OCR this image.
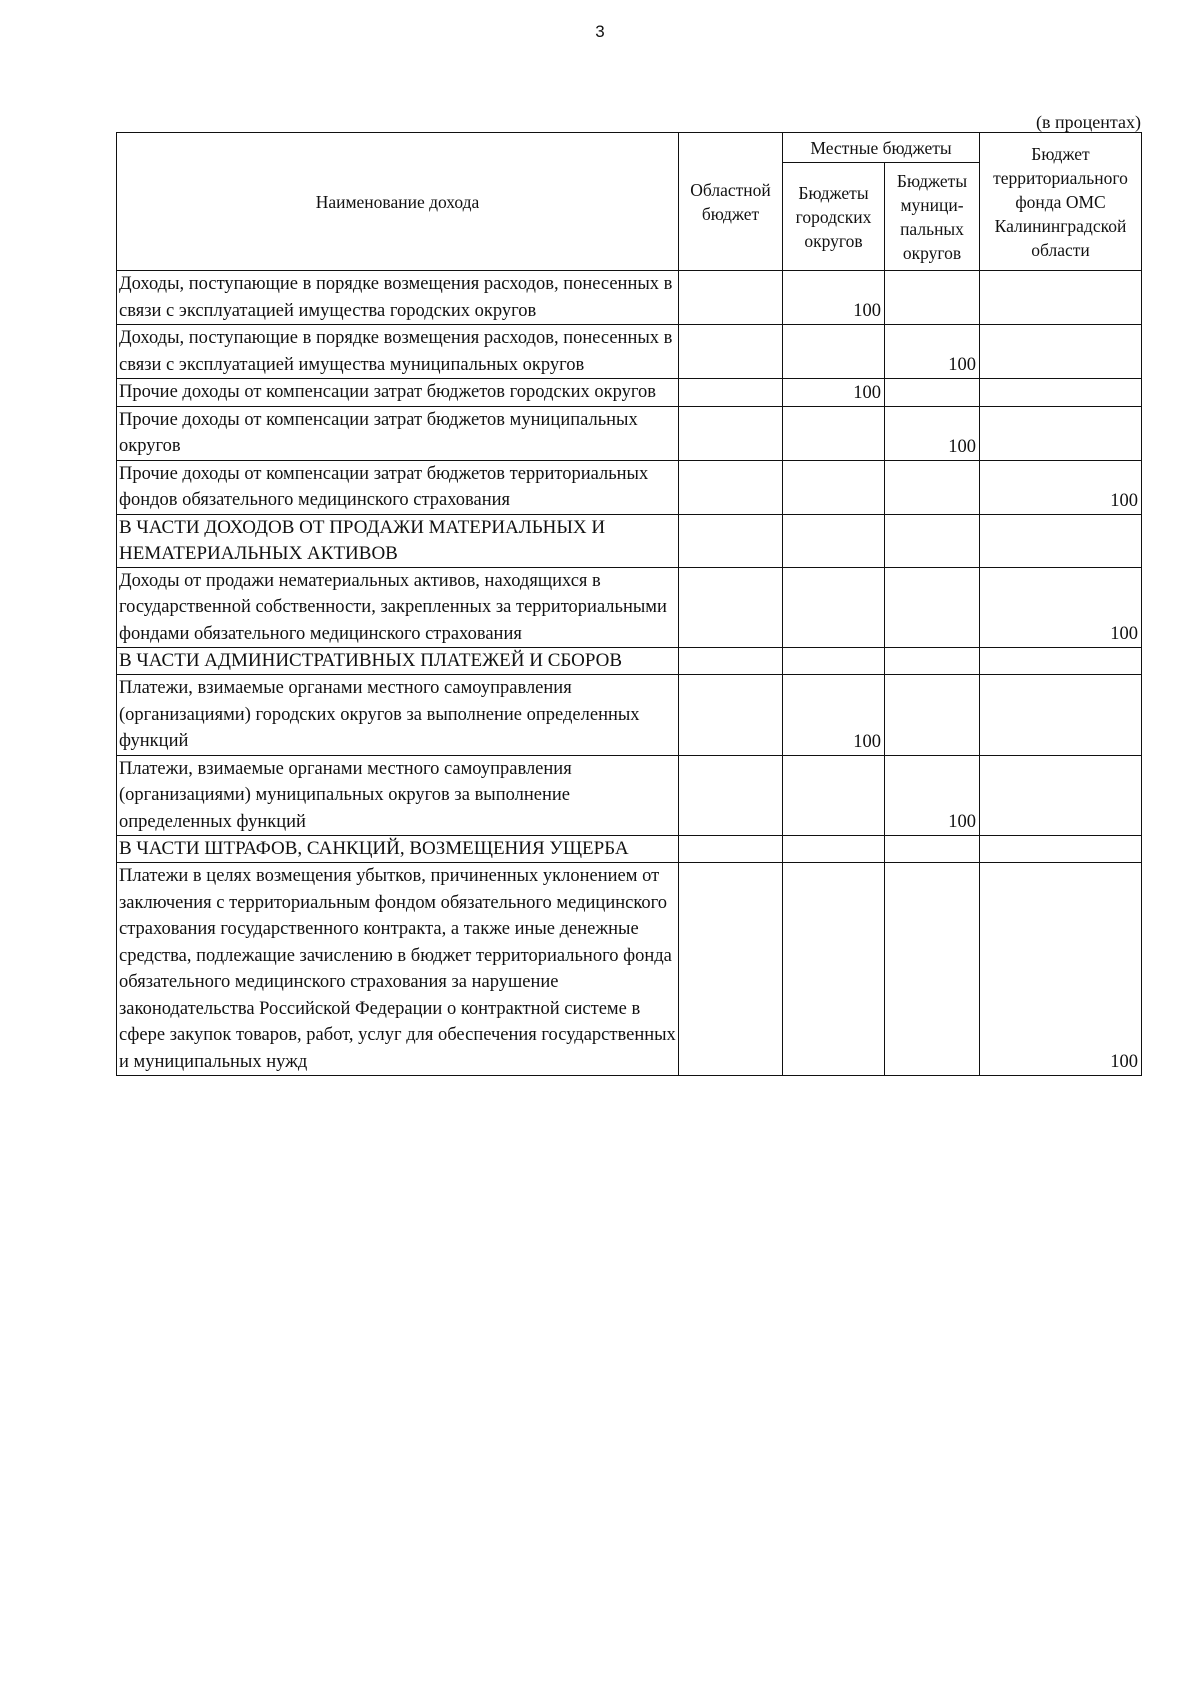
3
(в процентах)
Наименование дохода	Областной бюджет	Местные бюджеты		Бюджет территориального фонда ОМС Калининградской области
		Бюджеты городских округов	Бюджеты муници-пальных округов	
Доходы, поступающие в порядке возмещения расходов, понесенных в связи с эксплуатацией имущества городских округов		100		
Доходы, поступающие в порядке возмещения расходов, понесенных в связи с эксплуатацией имущества муниципальных округов			100	
Прочие доходы от компенсации затрат бюджетов городских округов		100		
Прочие доходы от компенсации затрат бюджетов муниципальных округов			100	
Прочие доходы от компенсации затрат бюджетов территориальных фондов обязательного медицинского страхования				100
В ЧАСТИ ДОХОДОВ ОТ ПРОДАЖИ МАТЕРИАЛЬНЫХ И НЕМАТЕРИАЛЬНЫХ АКТИВОВ				
Доходы от продажи нематериальных активов, находящихся в государственной собственности, закрепленных за территориальными фондами обязательного медицинского страхования				100
В ЧАСТИ АДМИНИСТРАТИВНЫХ ПЛАТЕЖЕЙ И СБОРОВ				
Платежи, взимаемые органами местного самоуправления (организациями) городских округов за выполнение определенных функций		100		
Платежи, взимаемые органами местного самоуправления (организациями) муниципальных округов за выполнение определенных функций			100	
В ЧАСТИ ШТРАФОВ, САНКЦИЙ, ВОЗМЕЩЕНИЯ УЩЕРБА				
Платежи в целях возмещения убытков, причиненных уклонением от заключения с территориальным фондом обязательного медицинского страхования государственного контракта, а также иные денежные средства, подлежащие зачислению в бюджет территориального фонда обязательного медицинского страхования за нарушение законодательства Российской Федерации о контрактной системе в сфере закупок товаров, работ, услуг для обеспечения государственных и муниципальных нужд				100
